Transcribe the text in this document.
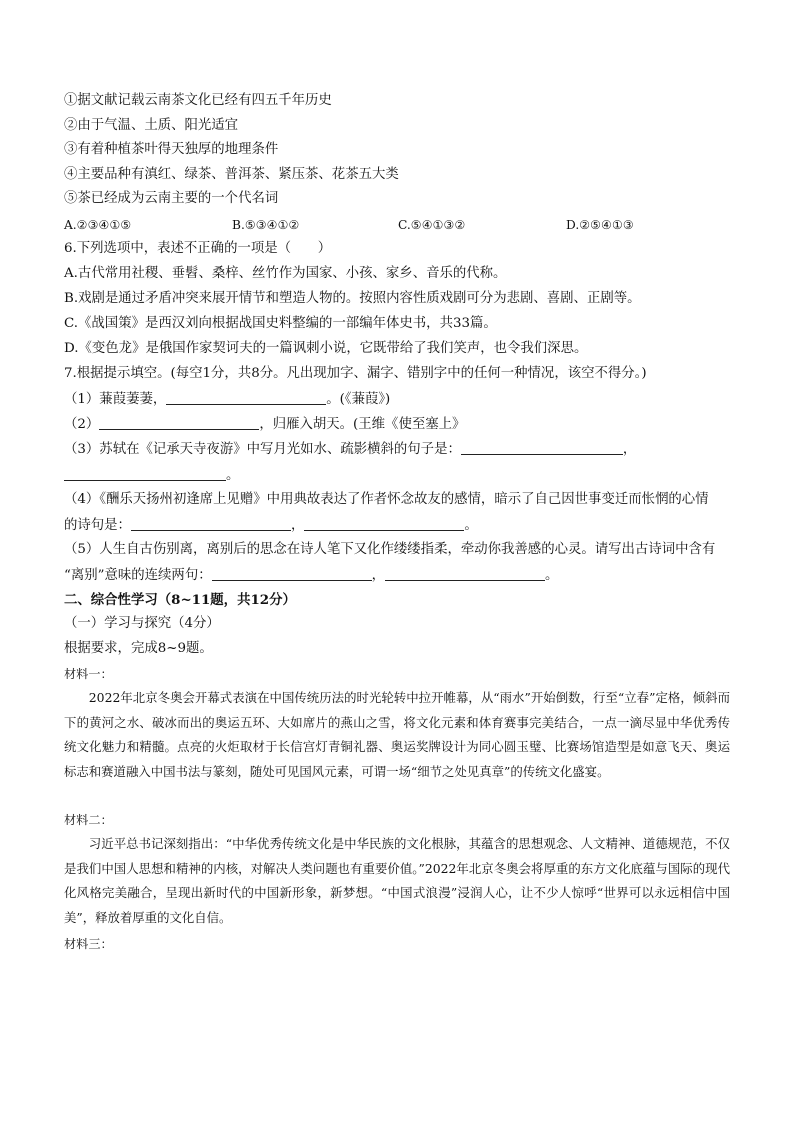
①据文献记载云南茶文化已经有四五千年历史
②由于气温、土质、阳光适宜
③有着种植茶叶得天独厚的地理条件
④主要品种有滇红、绿茶、普洱茶、紧压茶、花茶五大类
⑤茶已经成为云南主要的一个代名词
A.②③④①⑤	B.⑤③④①②	C.⑤④①③②	D.②⑤④①③
6.下列选项中，表述不正确的一项是（　　）
A.古代常用社稷、垂髫、桑梓、丝竹作为国家、小孩、家乡、音乐的代称。
B.戏剧是通过矛盾冲突来展开情节和塑造人物的。按照内容性质戏剧可分为悲剧、喜剧、正剧等。
C.《战国策》是西汉刘向根据战国史料整编的一部编年体史书，共33篇。
D.《变色龙》是俄国作家契诃夫的一篇讽刺小说，它既带给了我们笑声，也令我们深思。
7.根据提示填空。(每空1分，共8分。凡出现加字、漏字、错别字中的任何一种情况，该空不得分。)
（1）蒹葭萋萋，	。(《蒹葭》)
（2）	，归雁入胡天。(王维《使至塞上》
（3）苏轼在《记承天寺夜游》中写月光如水、疏影横斜的句子是：	，
。
（4）《酬乐天扬州初逢席上见赠》中用典故表达了作者怀念故友的感情，暗示了自己因世事变迁而怅惘的心情
的诗句是：	，	。
（5）人生自古伤别离，离别后的思念在诗人笔下又化作缕缕指柔，牵动你我善感的心灵。请写出古诗词中含有
“离别”意味的连续两句：	，	。
二、综合性学习（8~11题，共12分）
（一）学习与探究（4分）
根据要求，完成8~9题。
材料一：

2022年北京冬奥会开幕式表演在中国传统历法的时光轮转中拉开帷幕，从“雨水”开始倒数，行至“立春”定格，倾斜而下的黄河之水、破冰而出的奥运五环、大如席片的燕山之雪，将文化元素和体育赛事完美结合，一点一滴尽显中华优秀传统文化魅力和精髓。点亮的火炬取材于长信宫灯青铜礼器、奥运奖牌设计为同心圆玉璧、比赛场馆造型是如意飞天、奥运标志和赛道融入中国书法与篆刻，随处可见国风元素，可谓一场“细节之处见真章”的传统文化盛宴。

材料二：

习近平总书记深刻指出：“中华优秀传统文化是中华民族的文化根脉，其蕴含的思想观念、人文精神、道德规范，不仅是我们中国人思想和精神的内核，对解决人类问题也有重要价值。”2022年北京冬奥会将厚重的东方文化底蕴与国际的现代化风格完美融合，呈现出新时代的中国新形象，新梦想。“中国式浪漫”浸润人心，让不少人惊呼“世界可以永远相信中国美”，释放着厚重的文化自信。

材料三：
